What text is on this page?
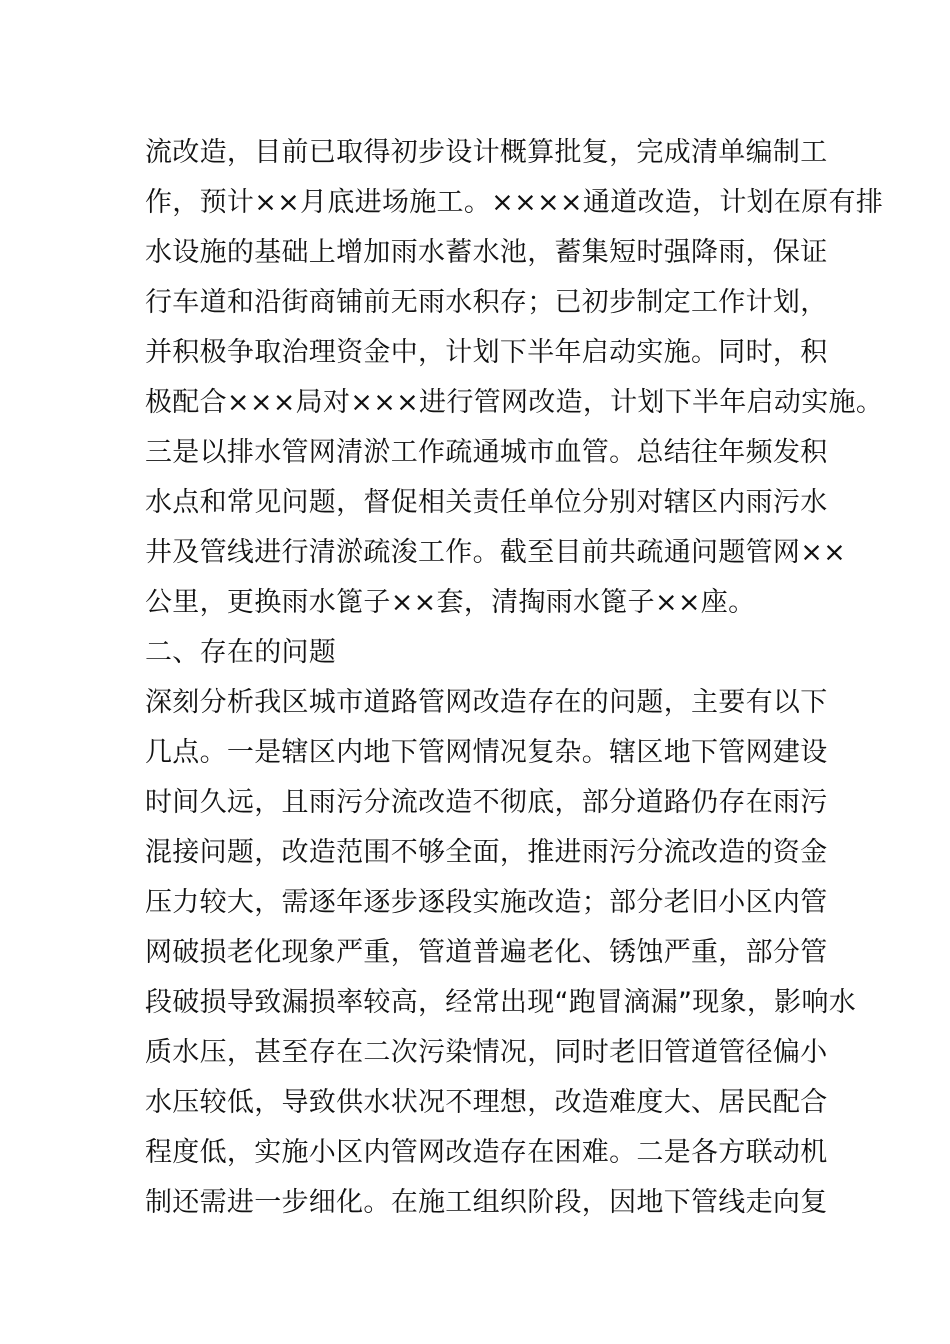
流改造，目前已取得初步设计概算批复，完成清单编制工
作，预计××月底进场施工。××××通道改造，计划在原有排
水设施的基础上增加雨水蓄水池，蓄集短时强降雨，保证
行车道和沿街商铺前无雨水积存；已初步制定工作计划，
并积极争取治理资金中，计划下半年启动实施。同时，积
极配合×××局对×××进行管网改造，计划下半年启动实施。
三是以排水管网清淤工作疏通城市血管。总结往年频发积
水点和常见问题，督促相关责任单位分别对辖区内雨污水
井及管线进行清淤疏浚工作。截至目前共疏通问题管网××
公里，更换雨水篦子××套，清掏雨水篦子××座。
二、存在的问题
深刻分析我区城市道路管网改造存在的问题，主要有以下
几点。一是辖区内地下管网情况复杂。辖区地下管网建设
时间久远，且雨污分流改造不彻底，部分道路仍存在雨污
混接问题，改造范围不够全面，推进雨污分流改造的资金
压力较大，需逐年逐步逐段实施改造；部分老旧小区内管
网破损老化现象严重，管道普遍老化、锈蚀严重，部分管
段破损导致漏损率较高，经常出现“跑冒滴漏”现象，影响水
质水压，甚至存在二次污染情况，同时老旧管道管径偏小
水压较低，导致供水状况不理想，改造难度大、居民配合
程度低，实施小区内管网改造存在困难。二是各方联动机
制还需进一步细化。在施工组织阶段，因地下管线走向复
